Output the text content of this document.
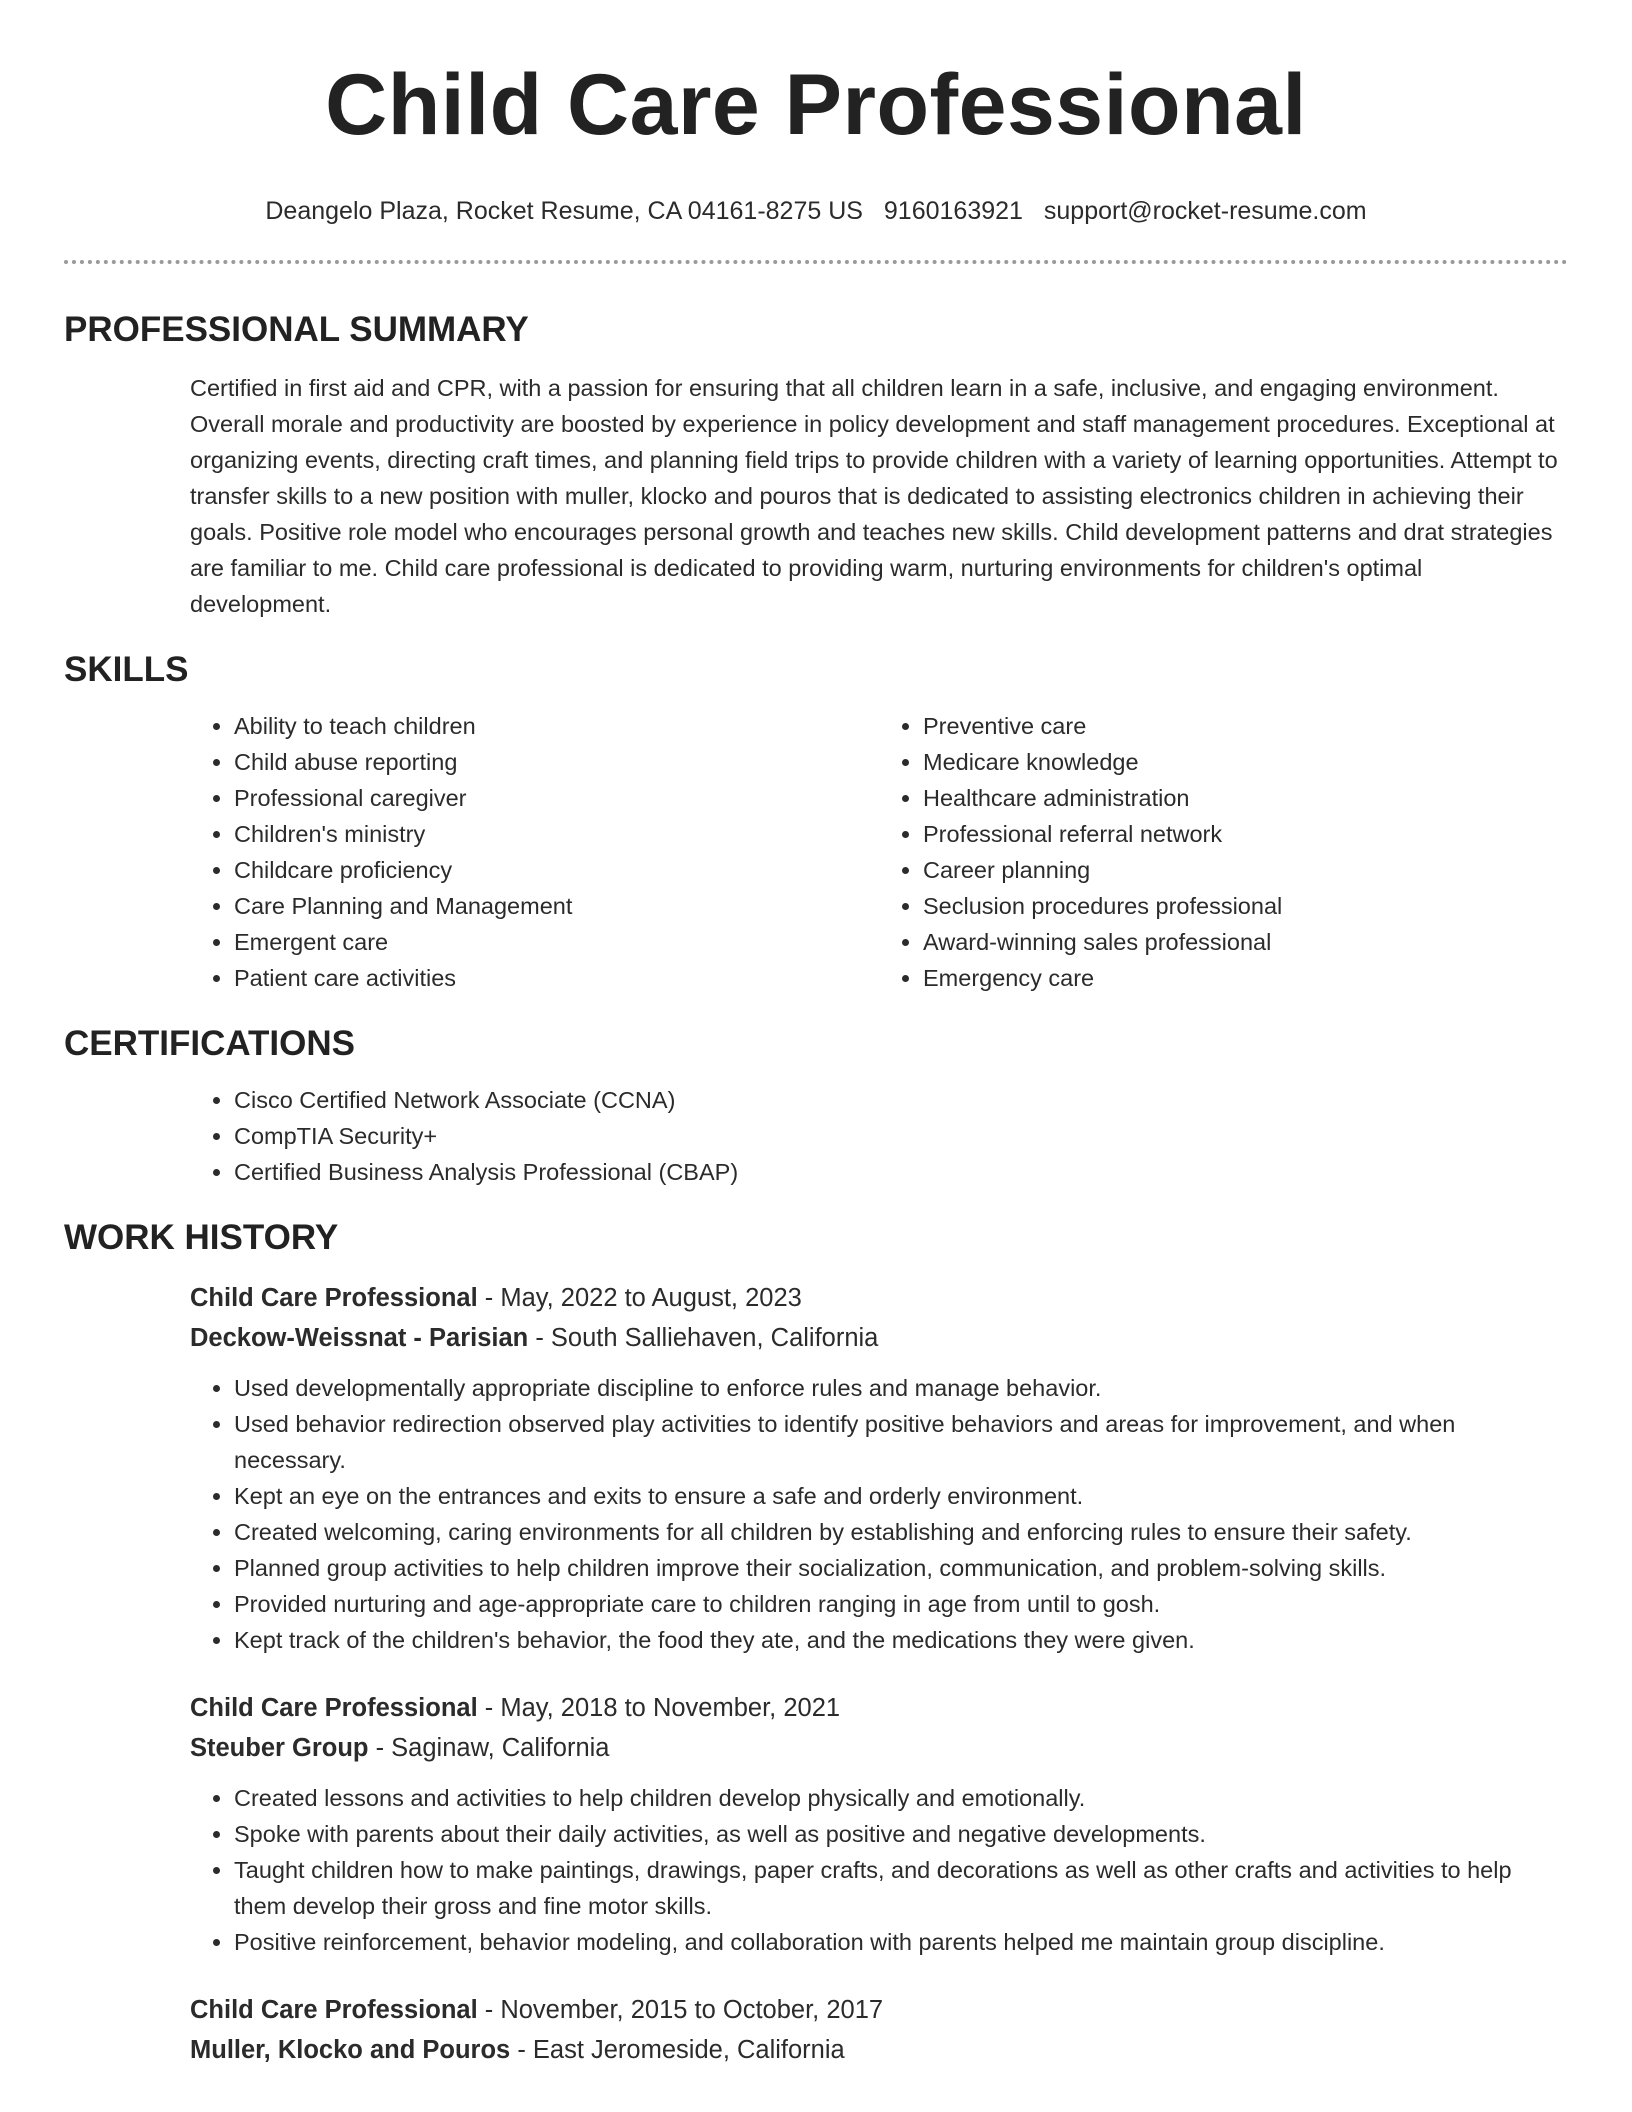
Child Care Professional
Deangelo Plaza, Rocket Resume, CA 04161-8275 US 9160163921 support@rocket-resume.com
PROFESSIONAL SUMMARY

Certified in first aid and CPR, with a passion for ensuring that all children learn in a safe, inclusive, and engaging environment. Overall morale and productivity are boosted by experience in policy development and staff management procedures. Exceptional at organizing events, directing craft times, and planning field trips to provide children with a variety of learning opportunities. Attempt to transfer skills to a new position with muller, klocko and pouros that is dedicated to assisting electronics children in achieving their goals. Positive role model who encourages personal growth and teaches new skills. Child development patterns and drat strategies are familiar to me. Child care professional is dedicated to providing warm, nurturing environments for children's optimal development.

SKILLS
• Ability to teach children
• Child abuse reporting
• Professional caregiver
• Children's ministry
• Childcare proficiency
• Care Planning and Management
• Emergent care
• Patient care activities
• Preventive care
• Medicare knowledge
• Healthcare administration
• Professional referral network
• Career planning
• Seclusion procedures professional
• Award-winning sales professional
• Emergency care
CERTIFICATIONS
• Cisco Certified Network Associate (CCNA)
• CompTIA Security+
• Certified Business Analysis Professional (CBAP)
WORK HISTORY
Child Care Professional - May, 2022 to August, 2023
Deckow-Weissnat - Parisian - South Salliehaven, California
• Used developmentally appropriate discipline to enforce rules and manage behavior.
• Used behavior redirection observed play activities to identify positive behaviors and areas for improvement, and when necessary.
• Kept an eye on the entrances and exits to ensure a safe and orderly environment.
• Created welcoming, caring environments for all children by establishing and enforcing rules to ensure their safety.
• Planned group activities to help children improve their socialization, communication, and problem-solving skills.
• Provided nurturing and age-appropriate care to children ranging in age from until to gosh.
• Kept track of the children's behavior, the food they ate, and the medications they were given.
Child Care Professional - May, 2018 to November, 2021
Steuber Group - Saginaw, California
• Created lessons and activities to help children develop physically and emotionally.
• Spoke with parents about their daily activities, as well as positive and negative developments.
• Taught children how to make paintings, drawings, paper crafts, and decorations as well as other crafts and activities to help them develop their gross and fine motor skills.
• Positive reinforcement, behavior modeling, and collaboration with parents helped me maintain group discipline.
Child Care Professional - November, 2015 to October, 2017
Muller, Klocko and Pouros - East Jeromeside, California
